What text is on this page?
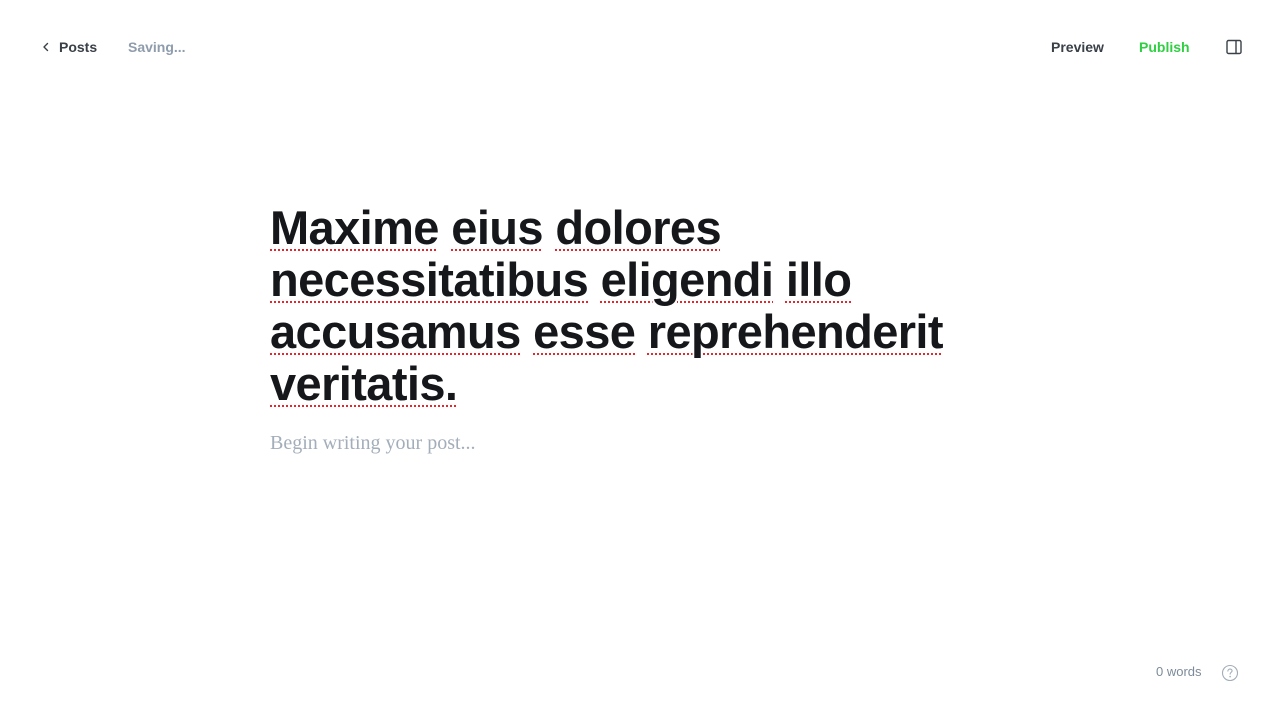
Posts Saving...	Preview	Publish
Maxime eius dolores necessitatibus eligendi illo accusamus esse reprehenderit veritatis.
Begin writing your post...
0 words
